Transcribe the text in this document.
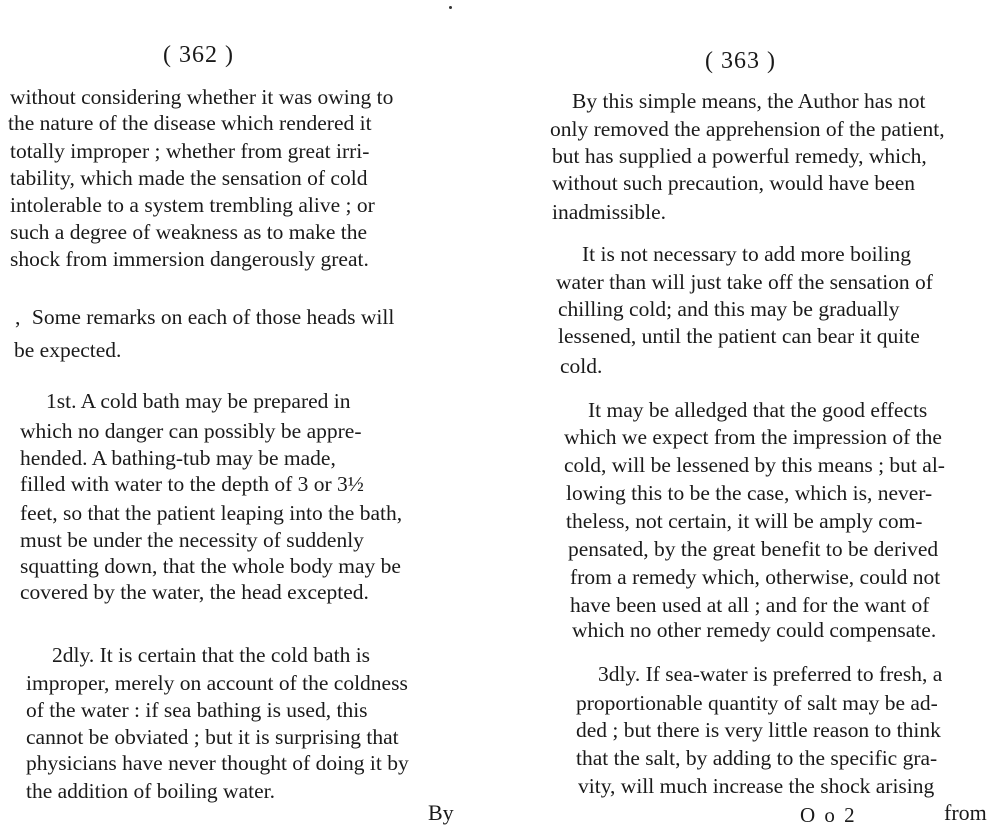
( 362 )
without considering whether it was owing to
the nature of the disease which rendered it
totally improper ; whether from great irri-
tability, which made the sensation of cold
intolerable to a system trembling alive ; or
such a degree of weakness as to make the
shock from immersion dangerously great.
‚  Some remarks on each of those heads will
be expected.
1st. A cold bath may be prepared in
which no danger can possibly be appre-
hended. A bathing-tub may be made,
filled with water to the depth of 3 or 3½
feet, so that the patient leaping into the bath,
must be under the necessity of suddenly
squatting down, that the whole body may be
covered by the water, the head excepted.
2dly. It is certain that the cold bath is
improper, merely on account of the coldness
of the water : if sea bathing is used, this
cannot be obviated ; but it is surprising that
physicians have never thought of doing it by
the addition of boiling water.
By
( 363 )
By this simple means, the Author has not
only removed the apprehension of the patient,
but has supplied a powerful remedy, which,
without such precaution, would have been
inadmissible.
It is not necessary to add more boiling
water than will just take off the sensation of
chilling cold; and this may be gradually
lessened, until the patient can bear it quite
cold.
It may be alledged that the good effects
which we expect from the impression of the
cold, will be lessened by this means ; but al-
lowing this to be the case, which is, never-
theless, not certain, it will be amply com-
pensated, by the great benefit to be derived
from a remedy which, otherwise, could not
have been used at all ; and for the want of
which no other remedy could compensate.
3dly. If sea-water is preferred to fresh, a
proportionable quantity of salt may be ad-
ded ; but there is very little reason to think
that the salt, by adding to the specific gra-
vity, will much increase the shock arising
O o 2	from
